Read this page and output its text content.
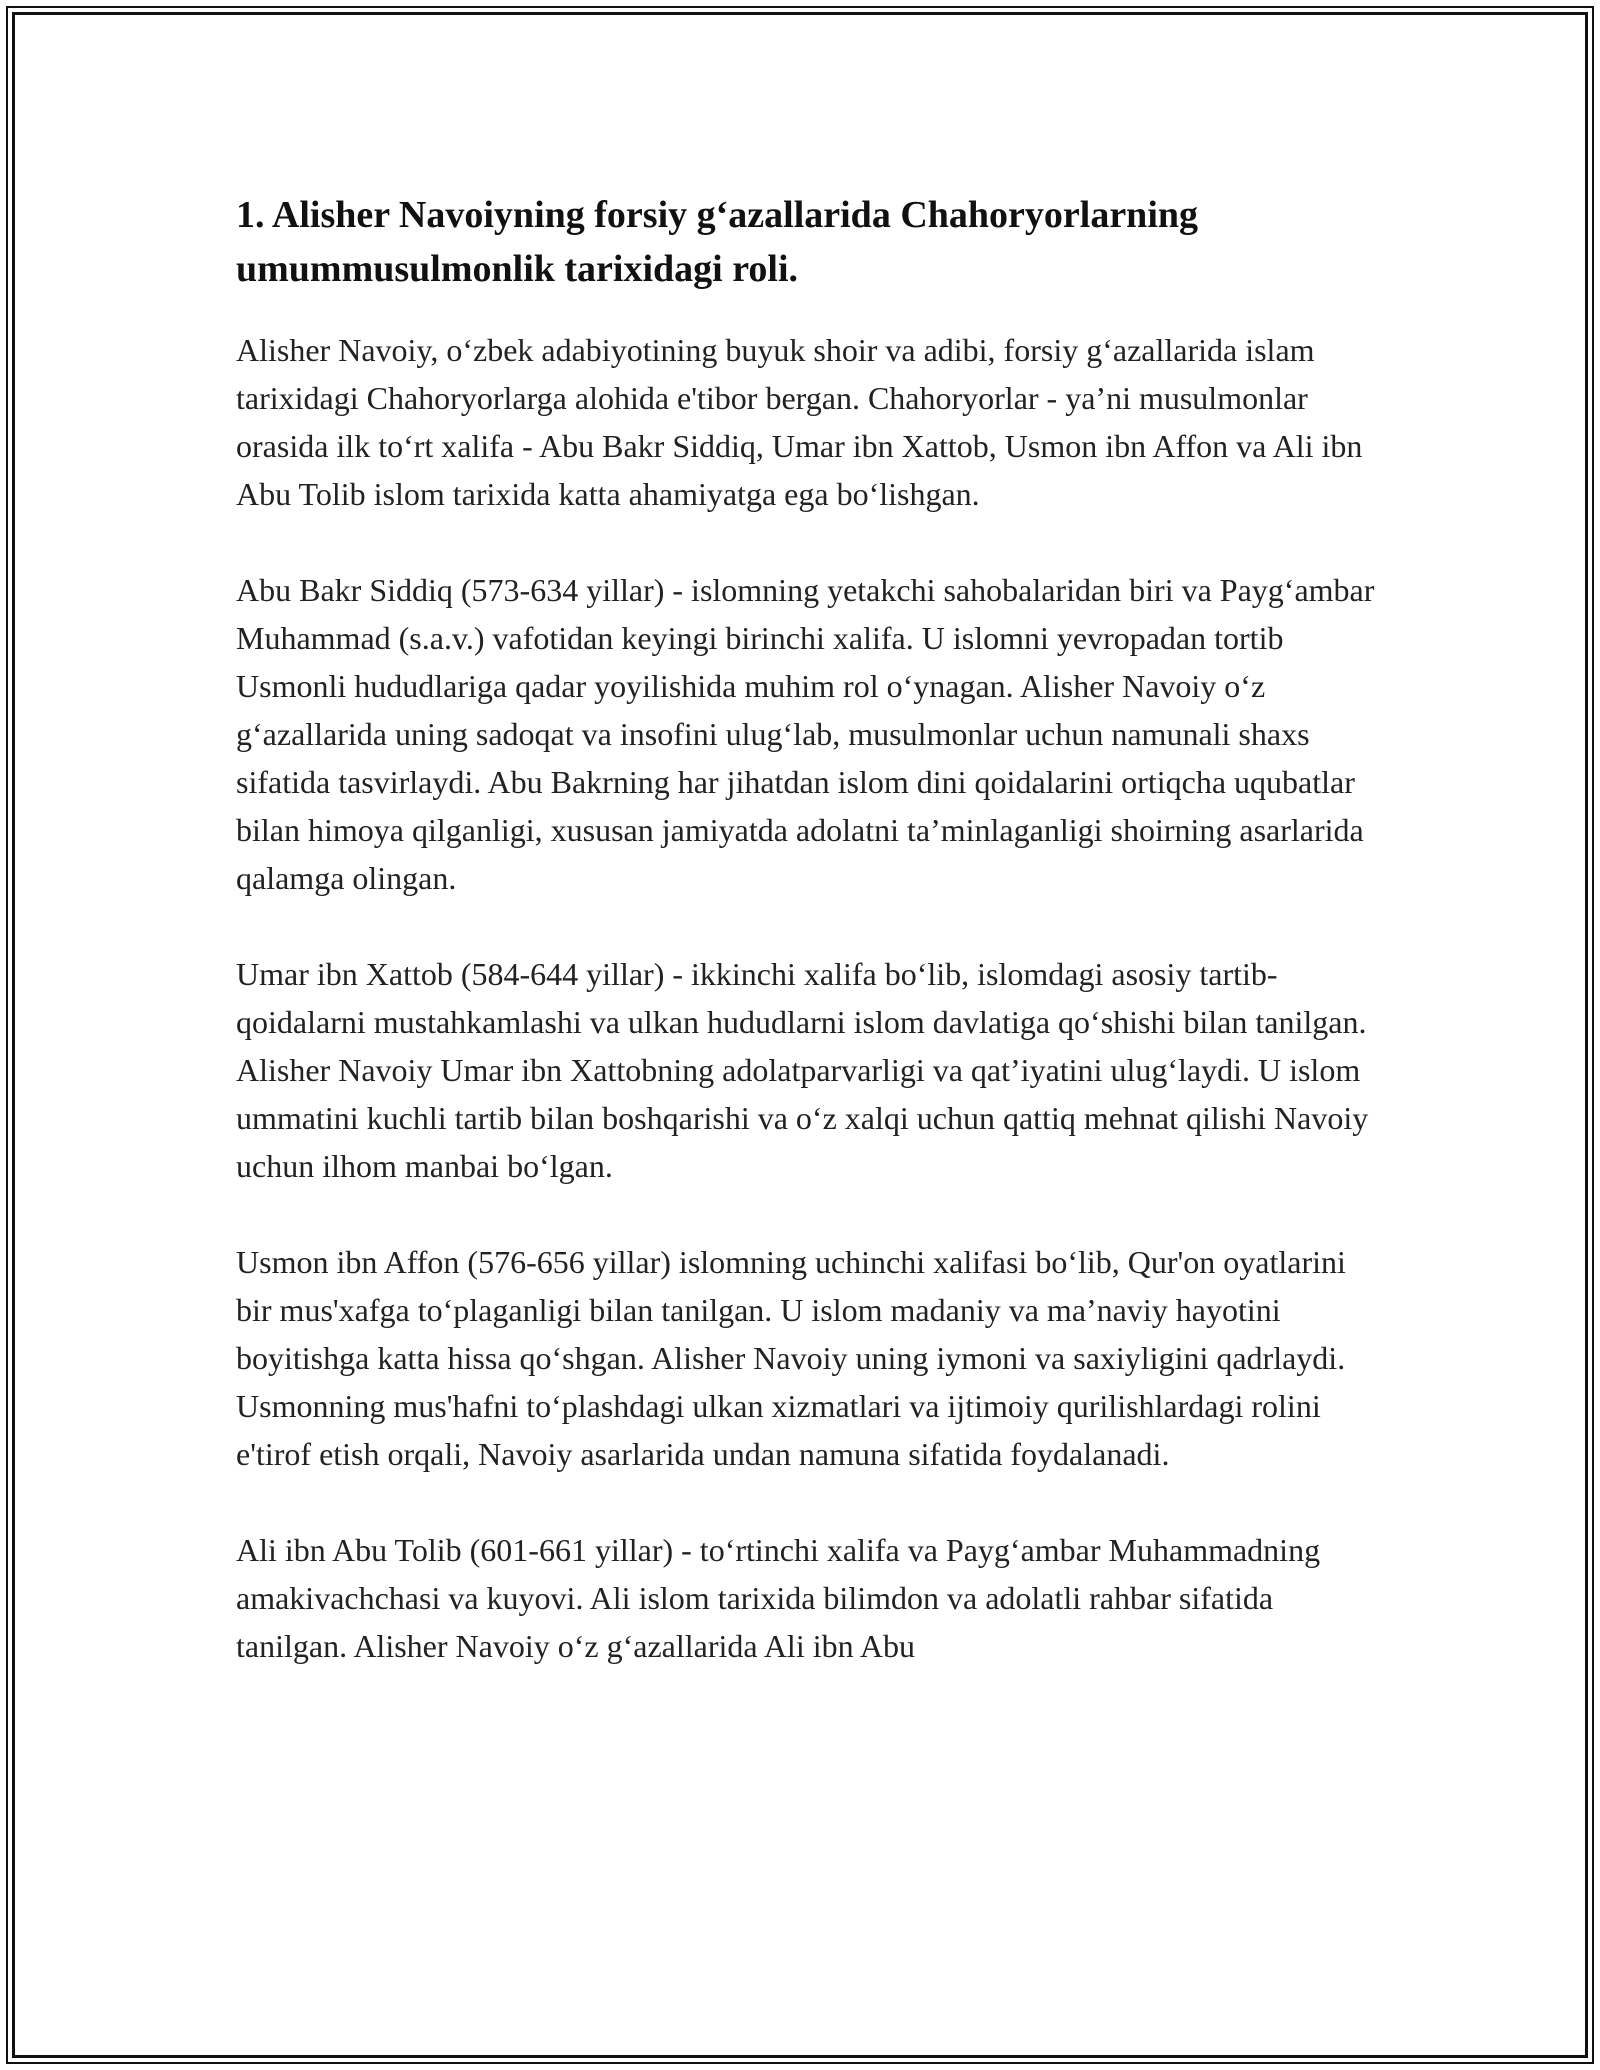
1. Alisher Navoiyning forsiy g‘azallarida Chahoryorlarning umummusulmonlik tarixidagi roli.

Alisher Navoiy, o‘zbek adabiyotining buyuk shoir va adibi, forsiy g‘azallarida islam tarixidagi Chahoryorlarga alohida e'tibor bergan. Chahoryorlar - ya’ni musulmonlar orasida ilk to‘rt xalifa - Abu Bakr Siddiq, Umar ibn Xattob, Usmon ibn Affon va Ali ibn Abu Tolib islom tarixida katta ahamiyatga ega bo‘lishgan.

Abu Bakr Siddiq (573-634 yillar) - islomning yetakchi sahobalaridan biri va Payg‘ambar Muhammad (s.a.v.) vafotidan keyingi birinchi xalifa. U islomni yevropadan tortib Usmonli hududlariga qadar yoyilishida muhim rol o‘ynagan. Alisher Navoiy o‘z g‘azallarida uning sadoqat va insofini ulug‘lab, musulmonlar uchun namunali shaxs sifatida tasvirlaydi. Abu Bakrning har jihatdan islom dini qoidalarini ortiqcha uqubatlar bilan himoya qilganligi, xususan jamiyatda adolatni ta’minlaganligi shoirning asarlarida qalamga olingan.

Umar ibn Xattob (584-644 yillar) - ikkinchi xalifa bo‘lib, islomdagi asosiy tartib-qoidalarni mustahkamlashi va ulkan hududlarni islom davlatiga qo‘shishi bilan tanilgan. Alisher Navoiy Umar ibn Xattobning adolatparvarligi va qat’iyatini ulug‘laydi. U islom ummatini kuchli tartib bilan boshqarishi va o‘z xalqi uchun qattiq mehnat qilishi Navoiy uchun ilhom manbai bo‘lgan.

Usmon ibn Affon (576-656 yillar) islomning uchinchi xalifasi bo‘lib, Qur'on oyatlarini bir mus'xafga to‘plaganligi bilan tanilgan. U islom madaniy va ma’naviy hayotini boyitishga katta hissa qo‘shgan. Alisher Navoiy uning iymoni va saxiyligini qadrlaydi. Usmonning mus'hafni to‘plashdagi ulkan xizmatlari va ijtimoiy qurilishlardagi rolini e'tirof etish orqali, Navoiy asarlarida undan namuna sifatida foydalanadi.

Ali ibn Abu Tolib (601-661 yillar) - to‘rtinchi xalifa va Payg‘ambar Muhammadning amakivachchasi va kuyovi. Ali islom tarixida bilimdon va adolatli rahbar sifatida tanilgan. Alisher Navoiy o‘z g‘azallarida Ali ibn Abu
